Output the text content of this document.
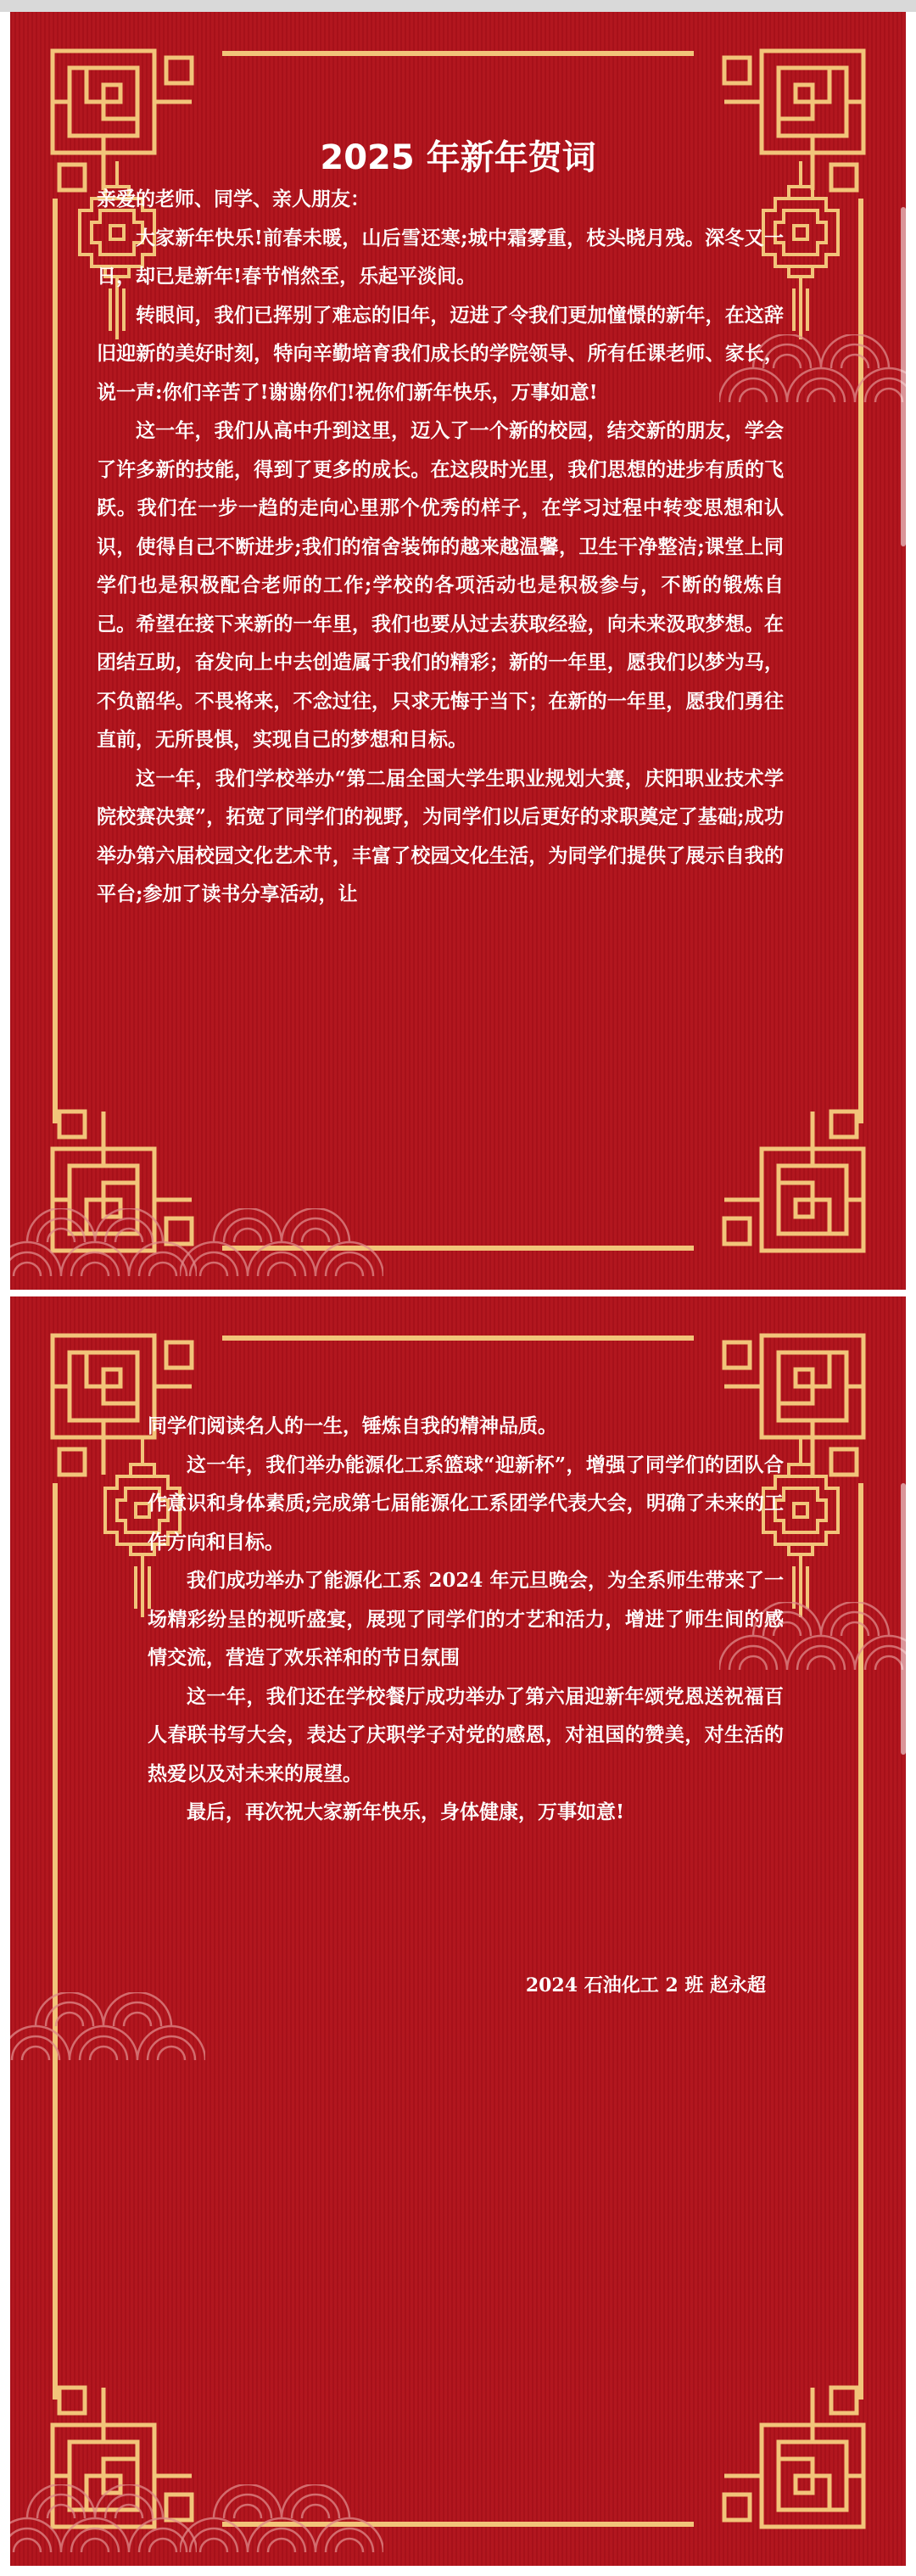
2025 年新年贺词

亲爱的老师、同学、亲人朋友：

大家新年快乐!前春未暖，山后雪还寒;城中霜雾重，枝头晓月残。深冬又一日，却已是新年!春节悄然至，乐起平淡间。

转眼间，我们已挥别了难忘的旧年，迈进了令我们更加憧憬的新年，在这辞旧迎新的美好时刻，特向辛勤培育我们成长的学院领导、所有任课老师、家长，说一声:你们辛苦了!谢谢你们!祝你们新年快乐，万事如意!

这一年，我们从高中升到这里，迈入了一个新的校园，结交新的朋友，学会了许多新的技能，得到了更多的成长。在这段时光里，我们思想的进步有质的飞跃。我们在一步一趋的走向心里那个优秀的样子，在学习过程中转变思想和认识，使得自己不断进步;我们的宿舍装饰的越来越温馨，卫生干净整洁;课堂上同学们也是积极配合老师的工作;学校的各项活动也是积极参与，不断的锻炼自己。希望在接下来新的一年里，我们也要从过去获取经验，向未来汲取梦想。在团结互助，奋发向上中去创造属于我们的精彩；新的一年里，愿我们以梦为马，不负韶华。不畏将来，不念过往，只求无悔于当下；在新的一年里，愿我们勇往直前，无所畏惧，实现自己的梦想和目标。

这一年，我们学校举办“第二届全国大学生职业规划大赛，庆阳职业技术学院校赛决赛”，拓宽了同学们的视野，为同学们以后更好的求职奠定了基础;成功举办第六届校园文化艺术节，丰富了校园文化生活，为同学们提供了展示自我的平台;参加了读书分享活动，让

同学们阅读名人的一生，锤炼自我的精神品质。

这一年，我们举办能源化工系篮球“迎新杯”，增强了同学们的团队合作意识和身体素质;完成第七届能源化工系团学代表大会，明确了未来的工作方向和目标。

我们成功举办了能源化工系 2024 年元旦晚会，为全系师生带来了一场精彩纷呈的视听盛宴，展现了同学们的才艺和活力，增进了师生间的感情交流，营造了欢乐祥和的节日氛围

这一年，我们还在学校餐厅成功举办了第六届迎新年颂党恩送祝福百人春联书写大会，表达了庆职学子对党的感恩，对祖国的赞美，对生活的热爱以及对未来的展望。

最后，再次祝大家新年快乐，身体健康，万事如意!

2024 石油化工 2 班 赵永超
